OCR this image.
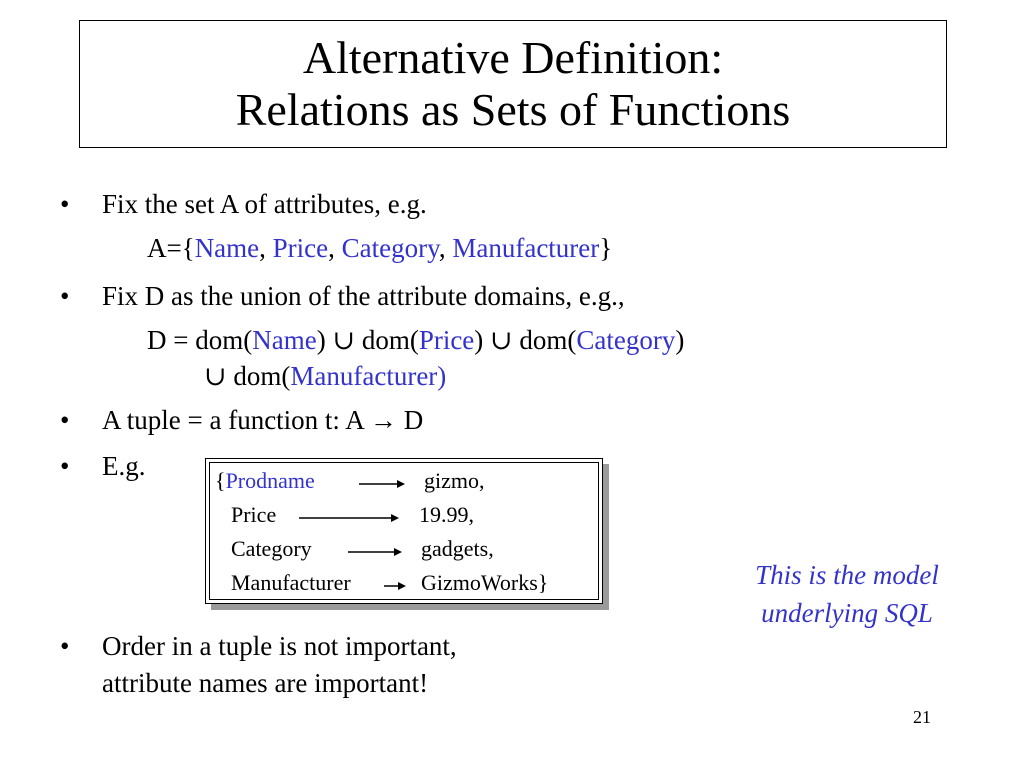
Alternative Definition:
Relations as Sets of Functions
• Fix the set A of attributes, e.g.
A={Name, Price, Category, Manufacturer}
• Fix D as the union of the attribute domains, e.g.,
D = dom(Name) ∪ dom(Price) ∪ dom(Category)
∪ dom(Manufacturer)
• A tuple = a function t: A → D
• E.g.	{Prodname	gizmo,
Price	19.99,
Category	gadgets,
Manufacturer	GizmoWorks}	This is the model
underlying SQL
• Order in a tuple is not important,
attribute names are important!
21
